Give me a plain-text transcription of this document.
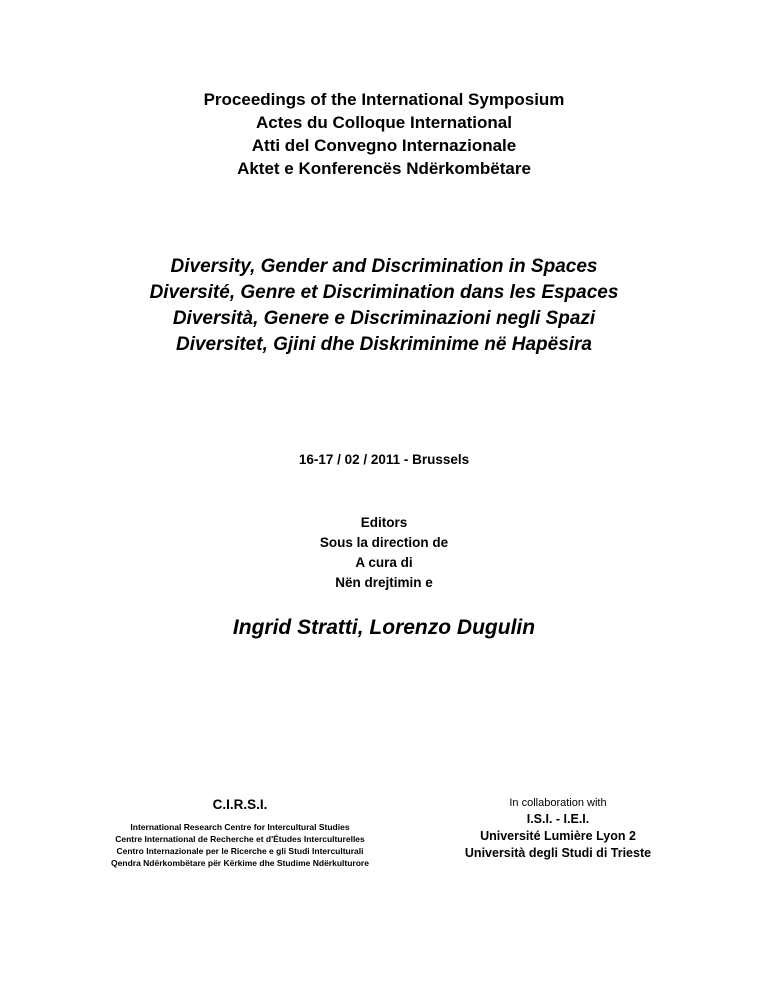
Proceedings of the International Symposium
Actes du Colloque International
Atti del Convegno Internazionale
Aktet e Konferencës Ndërkombëtare
Diversity, Gender and Discrimination in Spaces
Diversité, Genre et Discrimination dans les Espaces
Diversità, Genere e Discriminazioni negli Spazi
Diversitet, Gjini dhe Diskriminime në Hapësira
16-17 / 02 / 2011 - Brussels
Editors
Sous la direction de
A cura di
Nën drejtimin e
Ingrid Stratti, Lorenzo Dugulin
C.I.R.S.I.
International Research Centre for Intercultural Studies
Centre International de Recherche et d'Études Interculturelles
Centro Internazionale per le Ricerche e gli Studi Interculturali
Qendra Ndërkombëtare për Kërkime dhe Studime Ndërkulturore
In collaboration with
I.S.I. - I.E.I.
Université Lumière Lyon 2
Università degli Studi di Trieste
